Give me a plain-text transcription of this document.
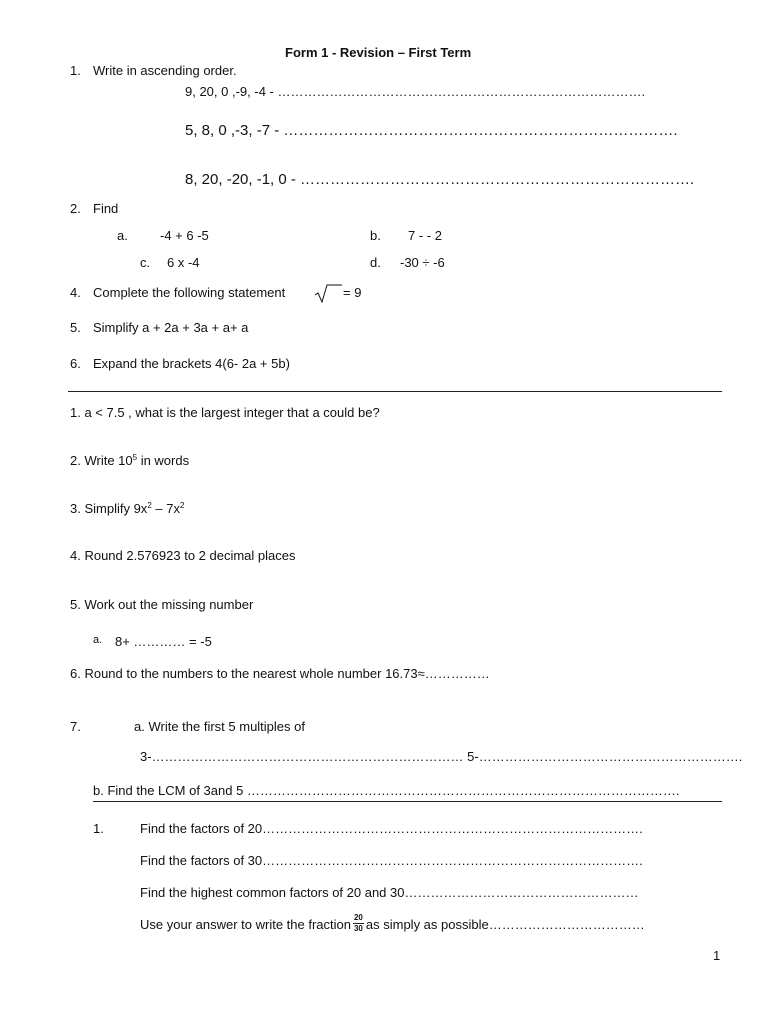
Form 1 - Revision – First Term
1. Write in ascending order.
9, 20, 0 ,-9, -4 - ………………………………………………………………………….
5, 8, 0 ,-3, -7 - …………………………………………………………………….
8, 20, -20, -1, 0 - …………………………………………………………………….
2. Find
a. -4 + 6 -5	b. 7 - - 2
c. 6 x -4	d. -30 ÷ -6
4. Complete the following statement	= 9
5. Simplify a + 2a + 3a + a+ a
6. Expand the brackets 4(6- 2a + 5b)
1. a < 7.5 , what is the largest integer that a could be?
2. Write $10^5$ in words
3. Simplify $9x^2 - 7x^2$
4. Round 2.576923 to 2 decimal places
5. Work out the missing number
a. 8+ ………… = -5
6. Round to the numbers to the nearest whole number 16.73≈……………
7.	a. Write the first 5 multiples of
3-……………………………………………………………… 5-…………………………………………………….
b. Find the LCM of 3and 5 ……………………………………………………………………………………….
1.	Find the factors of 20…………………………………………………………………………….
Find the factors of 30…………………………………………………………………………….
Find the highest common factors of 20 and 30………………………………………………
Use your answer to write the fraction $\frac{20}{30}$ as simply as possible………………………………
1
